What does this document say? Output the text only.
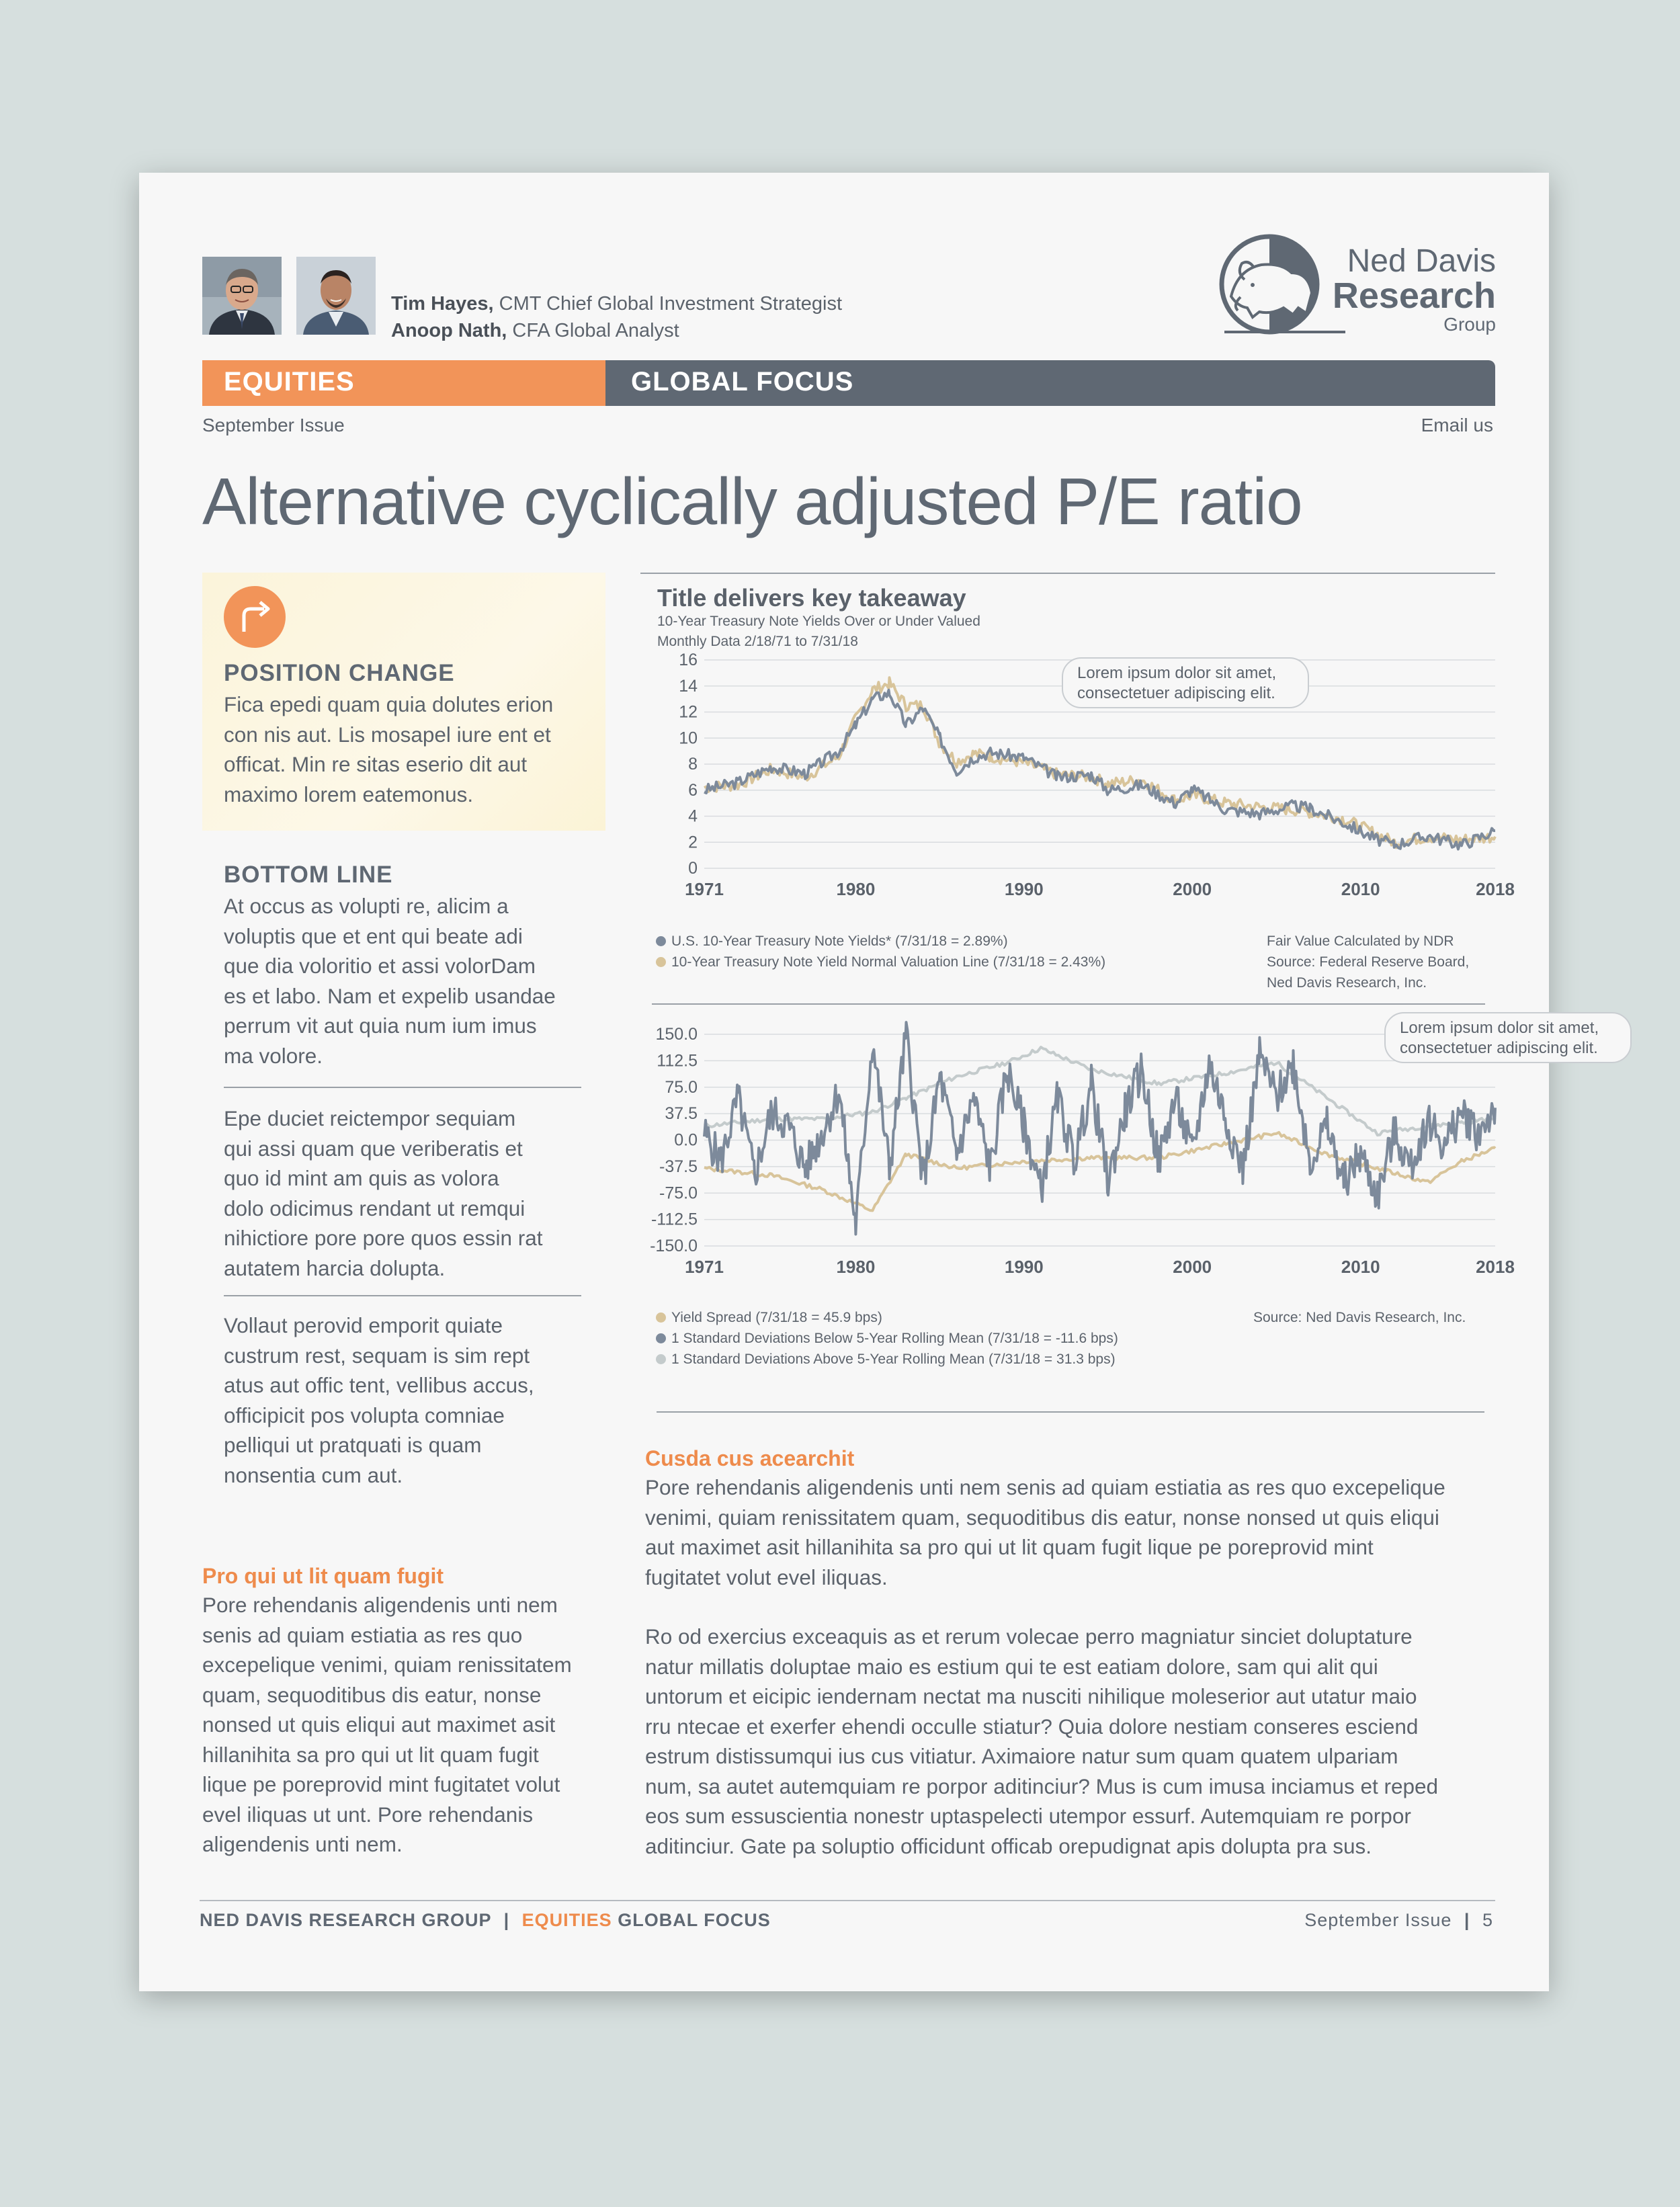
Tim Hayes, CMT Chief Global Investment Strategist
Anoop Nath, CFA Global Analyst
Ned Davis
Research
Group
EQUITIES	GLOBAL FOCUS
September Issue	Email us
Alternative cyclically adjusted P/E ratio
POSITION CHANGE
Fica epedi quam quia dolutes erion
con nis aut. Lis mosapel iure ent et
officat. Min re sitas eserio dit aut
maximo lorem eatemonus.
BOTTOM LINE
At occus as volupti re, alicim a
voluptis que et ent qui beate adi
que dia voloritio et assi volorDam
es et labo. Nam et expelib usandae
perrum vit aut quia num ium imus
ma volore.
Epe duciet reictempor sequiam
qui assi quam que veriberatis et
quo id mint am quis as volora
dolo odicimus rendant ut remqui
nihictiore pore pore quos essin rat
autatem harcia dolupta.
Vollaut perovid emporit quiate
custrum rest, sequam is sim rept
atus aut offic tent, vellibus accus,
officipicit pos volupta comniae
pelliqui ut pratquati is quam
nonsentia cum aut.
Pro qui ut lit quam fugit
Pore rehendanis aligendenis unti nem
senis ad quiam estiatia as res quo
excepelique venimi, quiam renissitatem
quam, sequoditibus dis eatur, nonse
nonsed ut quis eliqui aut maximet asit
hillanihita sa pro qui ut lit quam fugit
lique pe poreprovid mint fugitatet volut
evel iliquas ut unt. Pore rehendanis
aligendenis unti nem.
Title delivers key takeaway
10-Year Treasury Note Yields Over or Under Valued
Monthly Data 2/18/71 to 7/31/18
16
14
12
10
8
6
4
2
0
1971	1980	1990	2000	2010	2018
Lorem ipsum dolor sit amet,
consectetuer adipiscing elit.
U.S. 10-Year Treasury Note Yields* (7/31/18 = 2.89%)
10-Year Treasury Note Yield Normal Valuation Line (7/31/18 = 2.43%)
Fair Value Calculated by NDR
Source: Federal Reserve Board,
Ned Davis Research, Inc.
150.0
112.5
75.0
37.5
0.0
-37.5
-75.0
-112.5
-150.0
1971	1980	1990	2000	2010	2018
Lorem ipsum dolor sit amet,
consectetuer adipiscing elit.
Yield Spread (7/31/18 = 45.9 bps)
1 Standard Deviations Below 5-Year Rolling Mean (7/31/18 = -11.6 bps)
1 Standard Deviations Above 5-Year Rolling Mean (7/31/18 = 31.3 bps)
Source: Ned Davis Research, Inc.
Cusda cus acearchit
Pore rehendanis aligendenis unti nem senis ad quiam estiatia as res quo excepelique
venimi, quiam renissitatem quam, sequoditibus dis eatur, nonse nonsed ut quis eliqui
aut maximet asit hillanihita sa pro qui ut lit quam fugit lique pe poreprovid mint
fugitatet volut evel iliquas.
Ro od exercius exceaquis as et rerum volecae perro magniatur sinciet doluptature
natur millatis doluptae maio es estium qui te est eatiam dolore, sam qui alit qui
untorum et eicipic iendernam nectat ma nusciti nihilique moleserior aut utatur maio
rru ntecae et exerfer ehendi occulle stiatur? Quia dolore nestiam conseres esciend
estrum distissumqui ius cus vitiatur. Aximaiore natur sum quam quatem ulpariam
num, sa autet autemquiam re porpor aditinciur? Mus is cum imusa inciamus et reped
eos sum essuscientia nonestr uptaspelecti utempor essurf. Autemquiam re porpor
aditinciur. Gate pa soluptio officidunt officab orepudignat apis dolupta pra sus.
NED DAVIS RESEARCH GROUP | EQUITIES GLOBAL FOCUS	September Issue | 5
